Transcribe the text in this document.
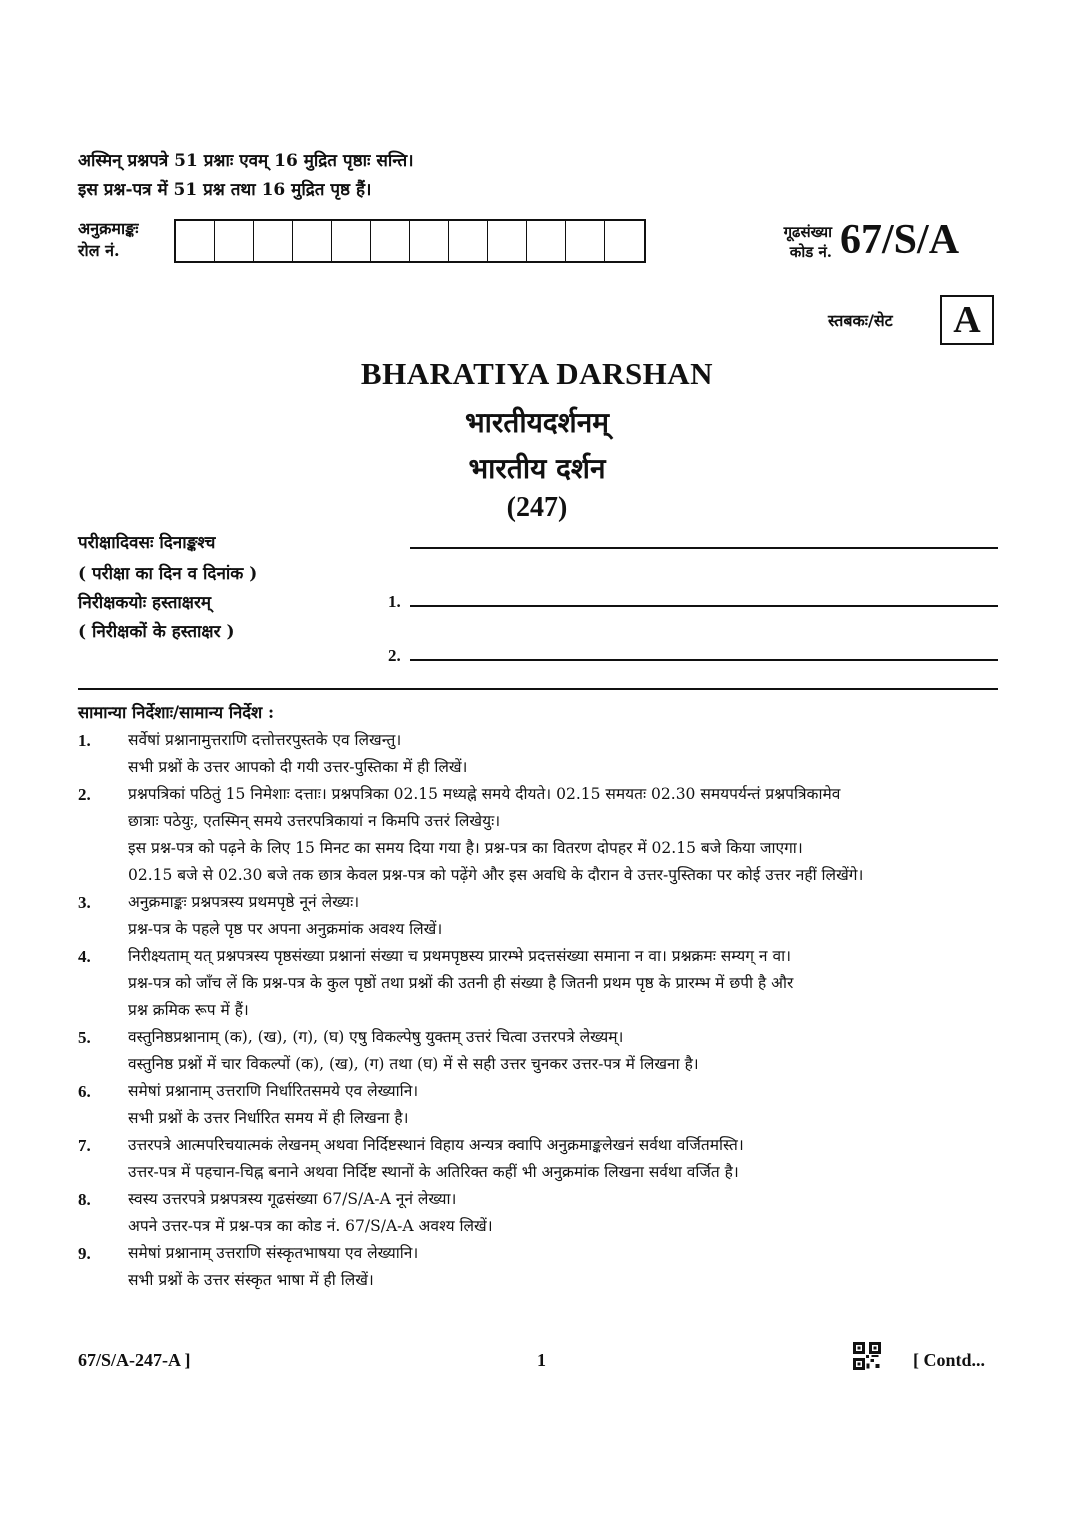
अस्मिन् प्रश्नपत्रे 51 प्रश्नाः एवम् 16 मुद्रित पृष्ठाः सन्ति।
इस प्रश्न-पत्र में 51 प्रश्न तथा 16 मुद्रित पृष्ठ हैं।
अनुक्रमाङ्कः
रोल नं.
गूढसंख्या
कोड नं. 67/S/A
स्तबकः/सेट	A
BHARATIYA DARSHAN
भारतीयदर्शनम्
भारतीय दर्शन
(247)
परीक्षादिवसः दिनाङ्कश्च
( परीक्षा का दिन व दिनांक )
निरीक्षकयोः हस्ताक्षरम्
( निरीक्षकों के हस्ताक्षर )
1.
2.
सामान्या निर्देशाः/सामान्य निर्देश :
1.	सर्वेषां प्रश्नानामुत्तराणि दत्तोत्तरपुस्तके एव लिखन्तु।
सभी प्रश्नों के उत्तर आपको दी गयी उत्तर-पुस्तिका में ही लिखें।
2.	प्रश्नपत्रिकां पठितुं 15 निमेशाः दत्ताः। प्रश्नपत्रिका 02.15 मध्यह्ने समये दीयते। 02.15 समयतः 02.30 समयपर्यन्तं प्रश्नपत्रिकामेव
छात्राः पठेयुः, एतस्मिन् समये उत्तरपत्रिकायां न किमपि उत्तरं लिखेयुः।
इस प्रश्न-पत्र को पढ़ने के लिए 15 मिनट का समय दिया गया है। प्रश्न-पत्र का वितरण दोपहर में 02.15 बजे किया जाएगा।
02.15 बजे से 02.30 बजे तक छात्र केवल प्रश्न-पत्र को पढ़ेंगे और इस अवधि के दौरान वे उत्तर-पुस्तिका पर कोई उत्तर नहीं लिखेंगे।
3.	अनुक्रमाङ्कः प्रश्नपत्रस्य प्रथमपृष्ठे नूनं लेख्यः।
प्रश्न-पत्र के पहले पृष्ठ पर अपना अनुक्रमांक अवश्य लिखें।
4.	निरीक्ष्यताम् यत् प्रश्नपत्रस्य पृष्ठसंख्या प्रश्नानां संख्या च प्रथमपृष्ठस्य प्रारम्भे प्रदत्तसंख्या समाना न वा। प्रश्नक्रमः सम्यग् न वा।
प्रश्न-पत्र को जाँच लें कि प्रश्न-पत्र के कुल पृष्ठों तथा प्रश्नों की उतनी ही संख्या है जितनी प्रथम पृष्ठ के प्रारम्भ में छपी है और
प्रश्न क्रमिक रूप में हैं।
5.	वस्तुनिष्ठप्रश्नानाम् (क), (ख), (ग), (घ) एषु विकल्पेषु युक्तम् उत्तरं चित्वा उत्तरपत्रे लेख्यम्।
वस्तुनिष्ठ प्रश्नों में चार विकल्पों (क), (ख), (ग) तथा (घ) में से सही उत्तर चुनकर उत्तर-पत्र में लिखना है।
6.	समेषां प्रश्नानाम् उत्तराणि निर्धारितसमये एव लेख्यानि।
सभी प्रश्नों के उत्तर निर्धारित समय में ही लिखना है।
7.	उत्तरपत्रे आत्मपरिचयात्मकं लेखनम् अथवा निर्दिष्टस्थानं विहाय अन्यत्र क्वापि अनुक्रमाङ्कलेखनं सर्वथा वर्जितमस्ति।
उत्तर-पत्र में पहचान-चिह्न बनाने अथवा निर्दिष्ट स्थानों के अतिरिक्त कहीं भी अनुक्रमांक लिखना सर्वथा वर्जित है।
8.	स्वस्य उत्तरपत्रे प्रश्नपत्रस्य गूढसंख्या 67/S/A-A नूनं लेख्या।
अपने उत्तर-पत्र में प्रश्न-पत्र का कोड नं. 67/S/A-A अवश्य लिखें।
9.	समेषां प्रश्नानाम् उत्तराणि संस्कृतभाषया एव लेख्यानि।
सभी प्रश्नों के उत्तर संस्कृत भाषा में ही लिखें।
67/S/A-247-A ]	1	[ Contd...
